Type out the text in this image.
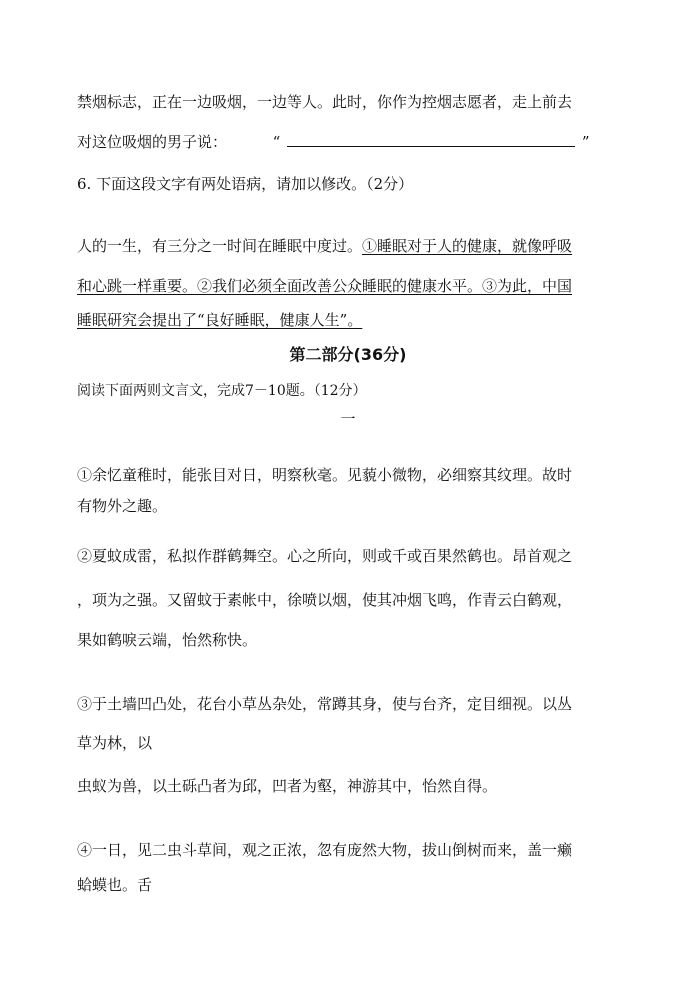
禁烟标志，正在一边吸烟，一边等人。此时，你作为控烟志愿者，走上前去
对这位吸烟的男子说：	“	”
6. 下面这段文字有两处语病，请加以修改。（2分）
人的一生，有三分之一时间在睡眠中度过。①睡眠对于人的健康，就像呼吸
和心跳一样重要。②我们必须全面改善公众睡眠的健康水平。③为此，中国
睡眠研究会提出了“良好睡眠，健康人生”。
第二部分(36分)
阅读下面两则文言文，完成7－10题。（12分）
一
①余忆童稚时，能张目对日，明察秋毫。见藐小微物，必细察其纹理。故时
有物外之趣。
②夏蚊成雷，私拟作群鹤舞空。心之所向，则或千或百果然鹤也。昂首观之
，项为之强。又留蚊于素帐中，徐喷以烟，使其冲烟飞鸣，作青云白鹤观，
果如鹤唳云端，怡然称快。
③于土墙凹凸处，花台小草丛杂处，常蹲其身，使与台齐，定目细视。以丛
草为林，以
虫蚁为兽，以土砾凸者为邱，凹者为壑，神游其中，怡然自得。
④一日，见二虫斗草间，观之正浓，忽有庞然大物，拔山倒树而来，盖一癞
蛤蟆也。舌
